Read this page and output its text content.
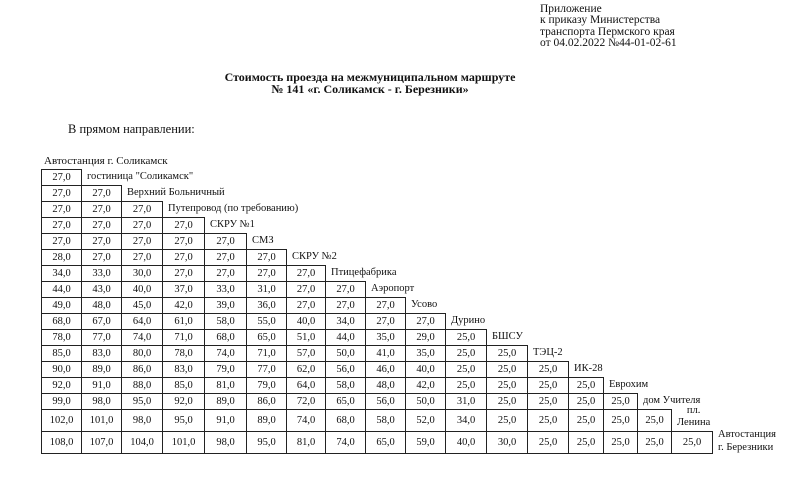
Приложение
к приказу Министерства
транспорта Пермского края
от 04.02.2022 №44-01-02-61
Стоимость проезда на межмуниципальном маршруте
№ 141 «г. Соликамск - г. Березники»
В прямом направлении:
Автостанция г. Соликамск
27,0	гостиница "Соликамск"
27,0	27,0	Верхний Больничный
27,0	27,0	27,0	Путепровод (по требованию)
27,0	27,0	27,0	27,0	СКРУ №1
27,0	27,0	27,0	27,0	27,0	СМЗ
28,0	27,0	27,0	27,0	27,0	27,0	СКРУ №2
34,0	33,0	30,0	27,0	27,0	27,0	27,0	Птицефабрика
44,0	43,0	40,0	37,0	33,0	31,0	27,0	27,0	Аэропорт
49,0	48,0	45,0	42,0	39,0	36,0	27,0	27,0	27,0	Усово
68,0	67,0	64,0	61,0	58,0	55,0	40,0	34,0	27,0	27,0	Дурино
78,0	77,0	74,0	71,0	68,0	65,0	51,0	44,0	35,0	29,0	25,0	БШСУ
85,0	83,0	80,0	78,0	74,0	71,0	57,0	50,0	41,0	35,0	25,0	25,0	ТЭЦ-2
90,0	89,0	86,0	83,0	79,0	77,0	62,0	56,0	46,0	40,0	25,0	25,0	25,0	ИК-28
92,0	91,0	88,0	85,0	81,0	79,0	64,0	58,0	48,0	42,0	25,0	25,0	25,0	25,0	Еврохим
99,0	98,0	95,0	92,0	89,0	86,0	72,0	65,0	56,0	50,0	31,0	25,0	25,0	25,0	25,0	дом Учителя
102,0	101,0	98,0	95,0	91,0	89,0	74,0	68,0	58,0	52,0	34,0	25,0	25,0	25,0	25,0	25,0
пл.
Ленина
108,0	107,0	104,0	101,0	98,0	95,0	81,0	74,0	65,0	59,0	40,0	30,0	25,0	25,0	25,0	25,0	25,0
Автостанция
г. Березники
